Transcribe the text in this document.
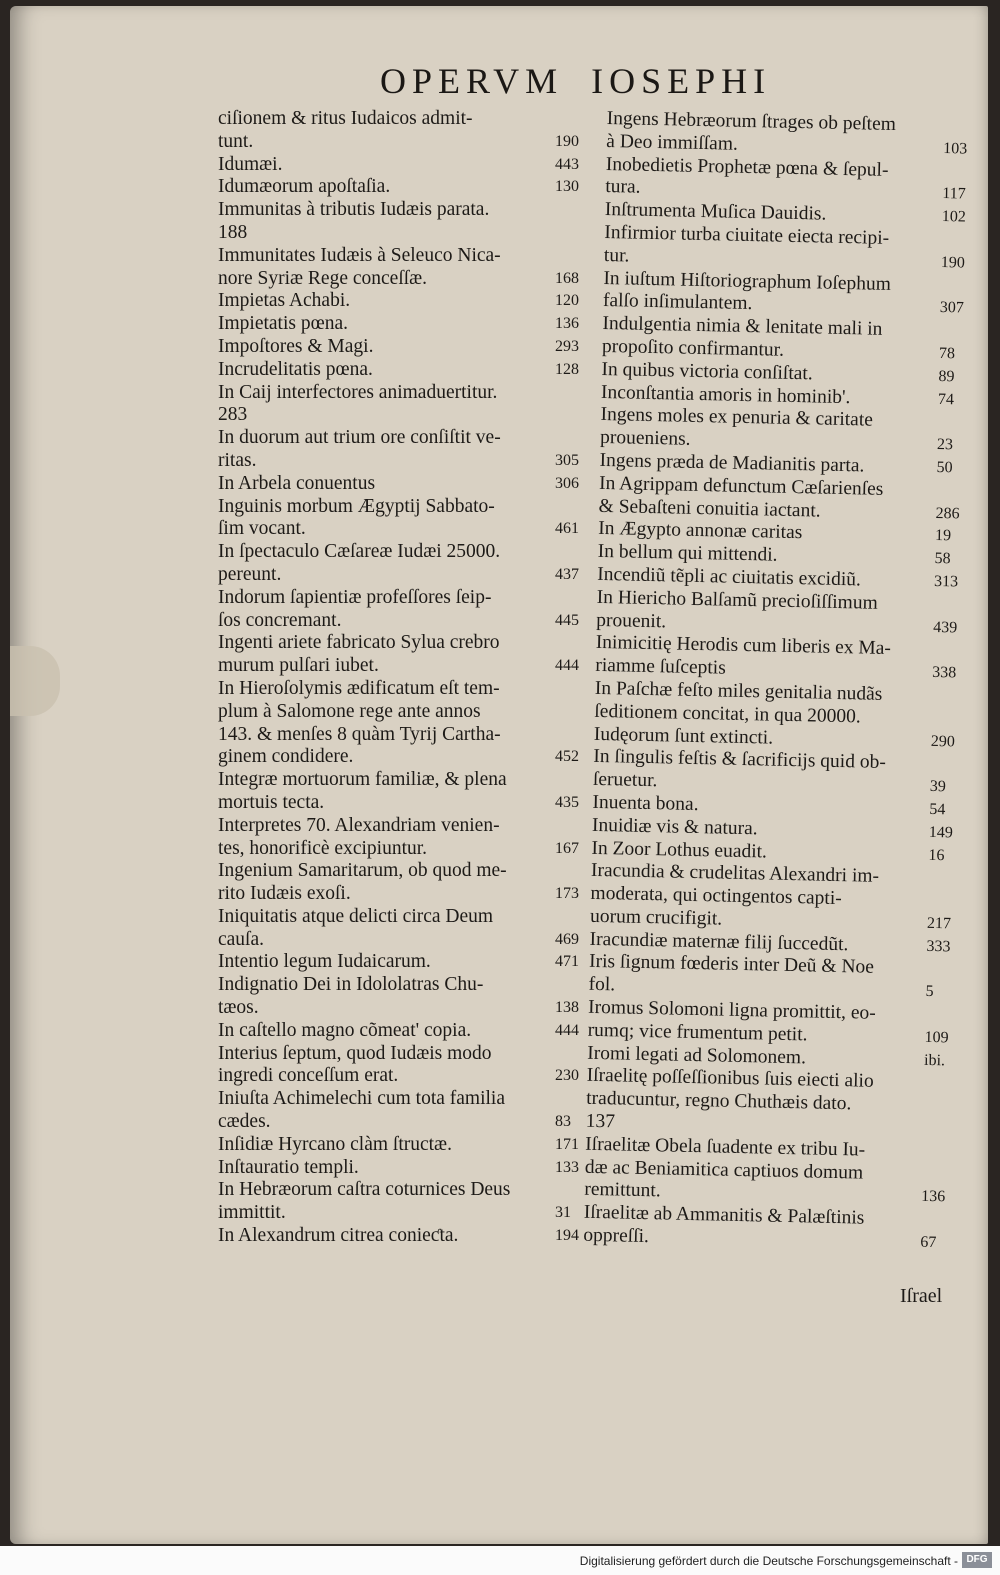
OPERVM IOSEPHI
ciſionem & ritus Iudaicos admit-
190
tunt.
443
Idumæi.
130
Idumæorum apoſtaſia.
Immunitas à tributis Iudæis parata.
188
Immunitates Iudæis à Seleuco Nica-
168
nore Syriæ Rege conceſſæ.
120
Impietas Achabi.
136
Impietatis pœna.
293
Impoſtores & Magi.
128
Incrudelitatis pœna.
In Caij interfectores animaduertitur.
283
In duorum aut trium ore conſiſtit ve-
305
ritas.
306
In Arbela conuentus
Inguinis morbum Ægyptij Sabbato-
461
ſim vocant.
In ſpectaculo Cæſareæ Iudæi 25000.
437
pereunt.
Indorum ſapientiæ profeſſores ſeip-
445
ſos concremant.
Ingenti ariete fabricato Sylua crebro
444
murum pulſari iubet.
In Hieroſolymis ædificatum eſt tem-
plum à Salomone rege ante annos
143. & menſes 8 quàm Tyrij Cartha-
452
ginem condidere.
Integræ mortuorum familiæ, & plena
435
mortuis tecta.
Interpretes 70. Alexandriam venien-
167
tes, honorificè excipiuntur.
Ingenium Samaritarum, ob quod me-
173
rito Iudæis exoſi.
Iniquitatis atque delicti circa Deum
469
cauſa.
471
Intentio legum Iudaicarum.
Indignatio Dei in Idololatras Chu-
138
tæos.
444
In caſtello magno cõmeat' copia.
Interius ſeptum, quod Iudæis modo
230
ingredi conceſſum erat.
Iniuſta Achimelechi cum tota familia
83
cædes.
171
Inſidiæ Hyrcano clàm ſtructæ.
133
Inſtauratio templi.
In Hebræorum caſtra coturnices Deus
31
immittit.
194
In Alexandrum citrea conieƈta.
Ingens Hebræorum ſtrages ob peſtem
103
à Deo immiſſam.
Inobedietis Prophetæ pœna & ſepul-
117
tura.
102
Inſtrumenta Muſica Dauidis.
Infirmior turba ciuitate eiecta recipi-
190
tur.
In iuſtum Hiſtoriographum Ioſephum
307
falſo inſimulantem.
Indulgentia nimia & lenitate mali in
78
propoſito confirmantur.
89
In quibus victoria conſiſtat.
74
Inconſtantia amoris in hominib'.
Ingens moles ex penuria & caritate
23
proueniens.
50
Ingens præda de Madianitis parta.
In Agrippam defunctum Cæſarienſes
286
& Sebaſteni conuitia iactant.
19
In Ægypto annonæ caritas
58
In bellum qui mittendi.
313
Incendiũ tẽpli ac ciuitatis excidiũ.
In Hiericho Balſamũ precioſiſſimum
439
prouenit.
Inimicitię Herodis cum liberis ex Ma-
338
riamme ſuſceptis
In Paſchæ feſto miles genitalia nudãs
ſeditionem concitat, in qua 20000.
290
Iudęorum ſunt extincti.
In ſingulis feſtis & ſacrificijs quid ob-
39
ſeruetur.
54
Inuenta bona.
149
Inuidiæ vis & natura.
16
In Zoor Lothus euadit.
Iracundia & crudelitas Alexandri im-
moderata, qui octingentos capti-
217
uorum crucifigit.
333
Iracundiæ maternæ filij ſuccedũt.
Iris ſignum fœderis inter Deũ & Noe
5
fol.
Iromus Solomoni ligna promittit, eo-
109
rumq; vice frumentum petit.
ibi.
Iromi legati ad Solomonem.
Iſraelitę poſſeſſionibus ſuis eiecti alio
traducuntur, regno Chuthæis dato.
137
Iſraelitæ Obela ſuadente ex tribu Iu-
dæ ac Beniamitica captiuos domum
136
remittunt.
Iſraelitæ ab Ammanitis & Palæſtinis
67
oppreſſi.
Iſrael
Digitalisierung gefördert durch die Deutsche Forschungsgemeinschaft - DFG
